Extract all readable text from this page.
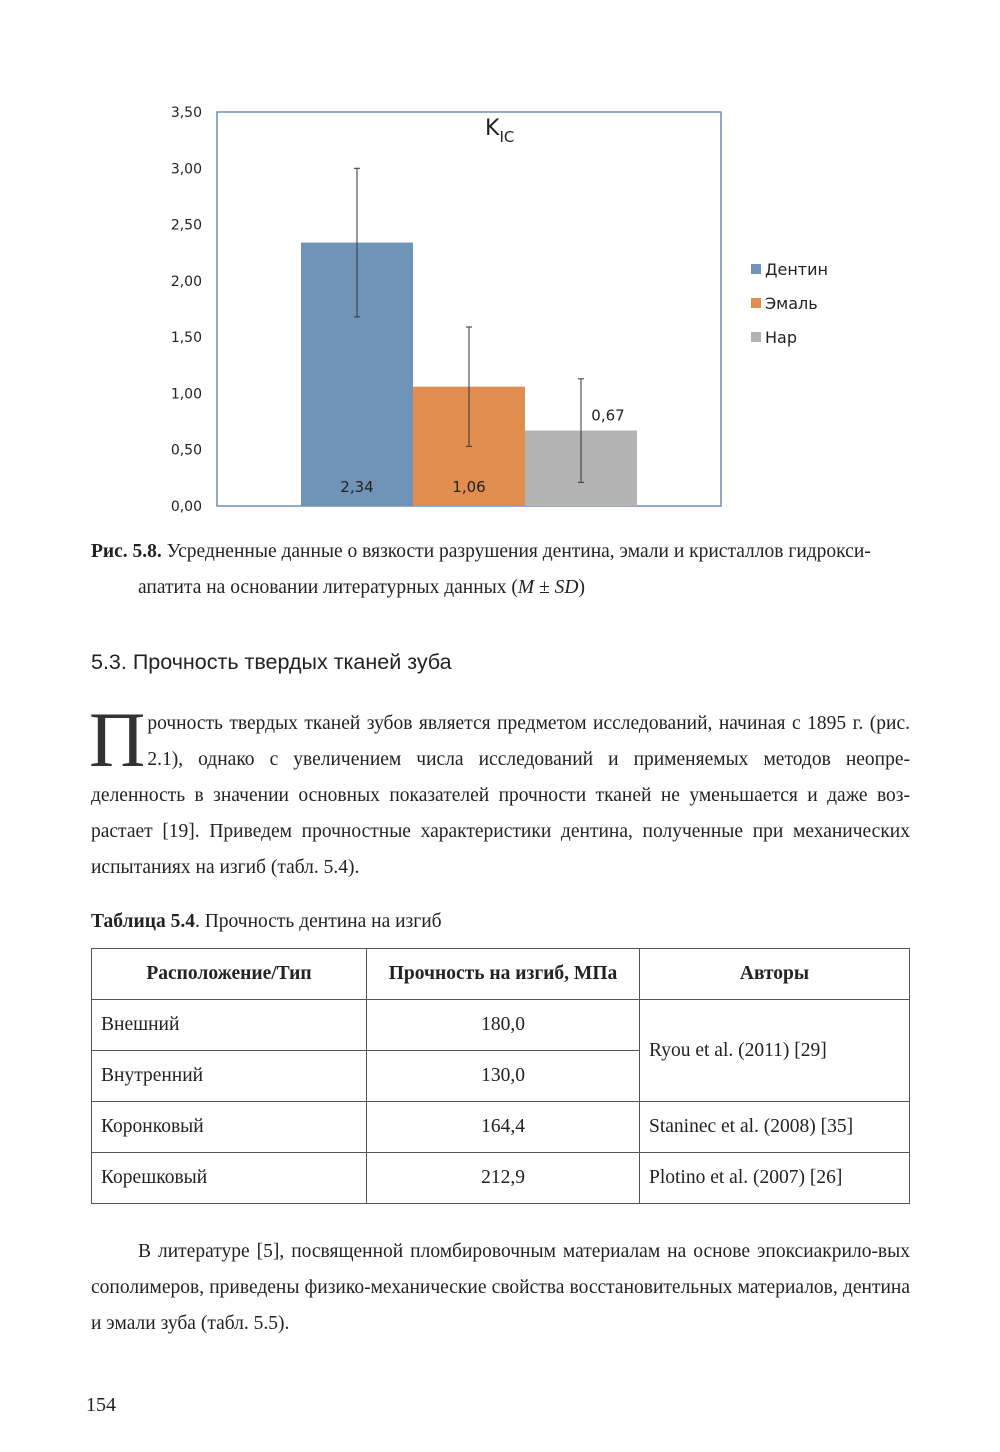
0,00
0,50
1,00
1,50
2,00
2,50
3,00
3,50
2,34	1,06
0,67
$K_{IC}$
Дентин
Эмаль
Нар

Рис. 5.8. Усредненные данные о вязкости разрушения дентина, эмали и кристаллов гидрокси-
апатита на основании литературных данных (M ± SD)

5.3. Прочность твердых тканей зуба

Прочность твердых тканей зубов является предметом исследований, начиная с 1895 г. (рис. 2.1), однако с увеличением числа исследований и применяемых методов неопре-деленность в значении основных показателей прочности тканей не уменьшается и даже воз-растает [19]. Приведем прочностные характеристики дентина, полученные при механических испытаниях на изгиб (табл. 5.4).

Таблица 5.4. Прочность дентина на изгиб

Расположение/Тип	Прочность на изгиб, МПа	Авторы
Внешний	180,0	Ryou et al. (2011) [29]
Внутренний	130,0	
Коронковый	164,4	Staninec et al. (2008) [35]
Корешковый	212,9	Plotino et al. (2007) [26]

В литературе [5], посвященной пломбировочным материалам на основе эпоксиакрило-вых сополимеров, приведены физико-механические свойства восстановительных материалов, дентина и эмали зуба (табл. 5.5).

154
